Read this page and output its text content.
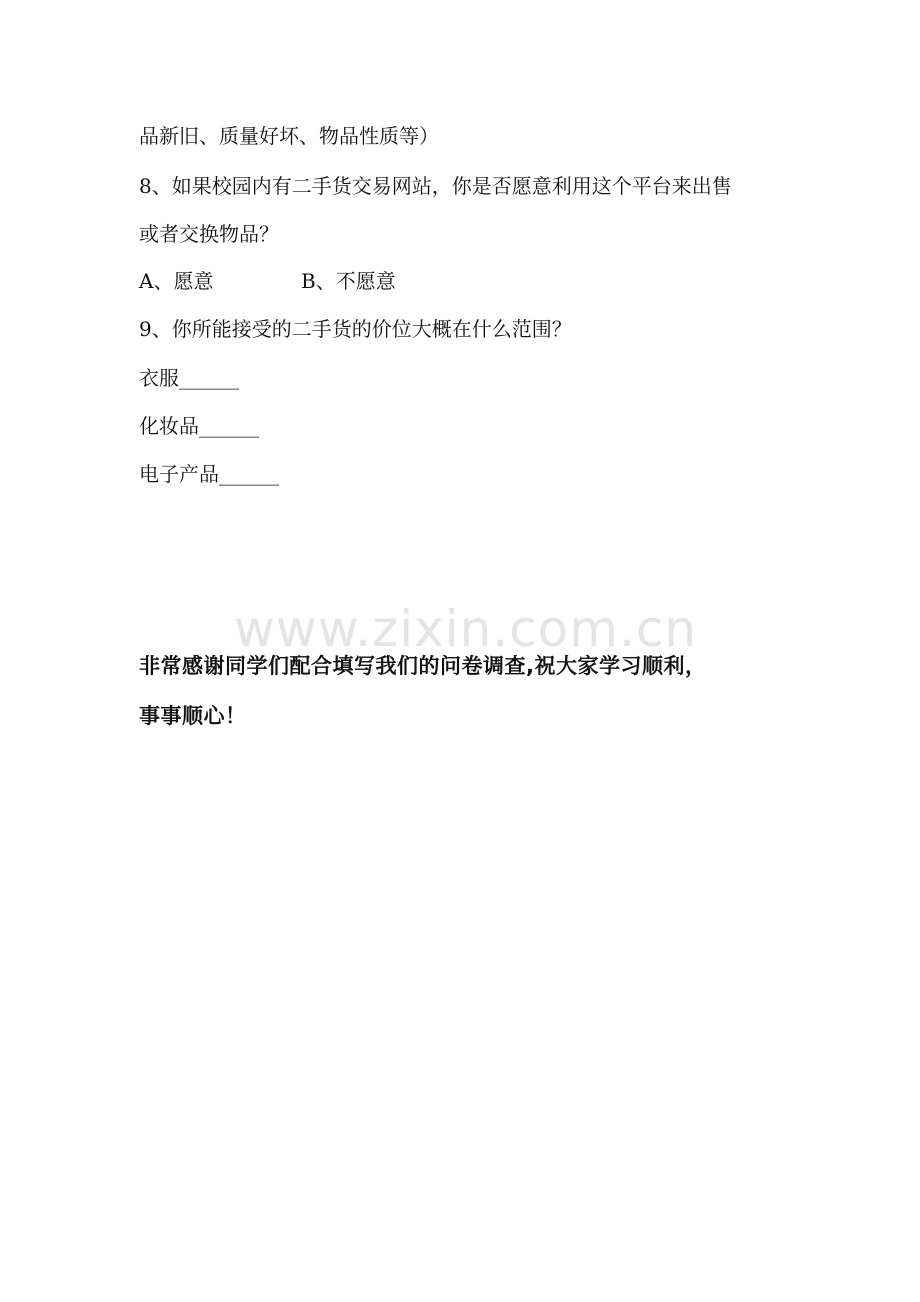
品新旧、质量好坏、物品性质等）
8、如果校园内有二手货交易网站，你是否愿意利用这个平台来出售
或者交换物品？
A、愿意	B、不愿意
9、你所能接受的二手货的价位大概在什么范围？
衣服______
化妆品______
电子产品______
www.zixin.com.cn
非常感谢同学们配合填写我们的问卷调查,祝大家学习顺利，
事事顺心！
